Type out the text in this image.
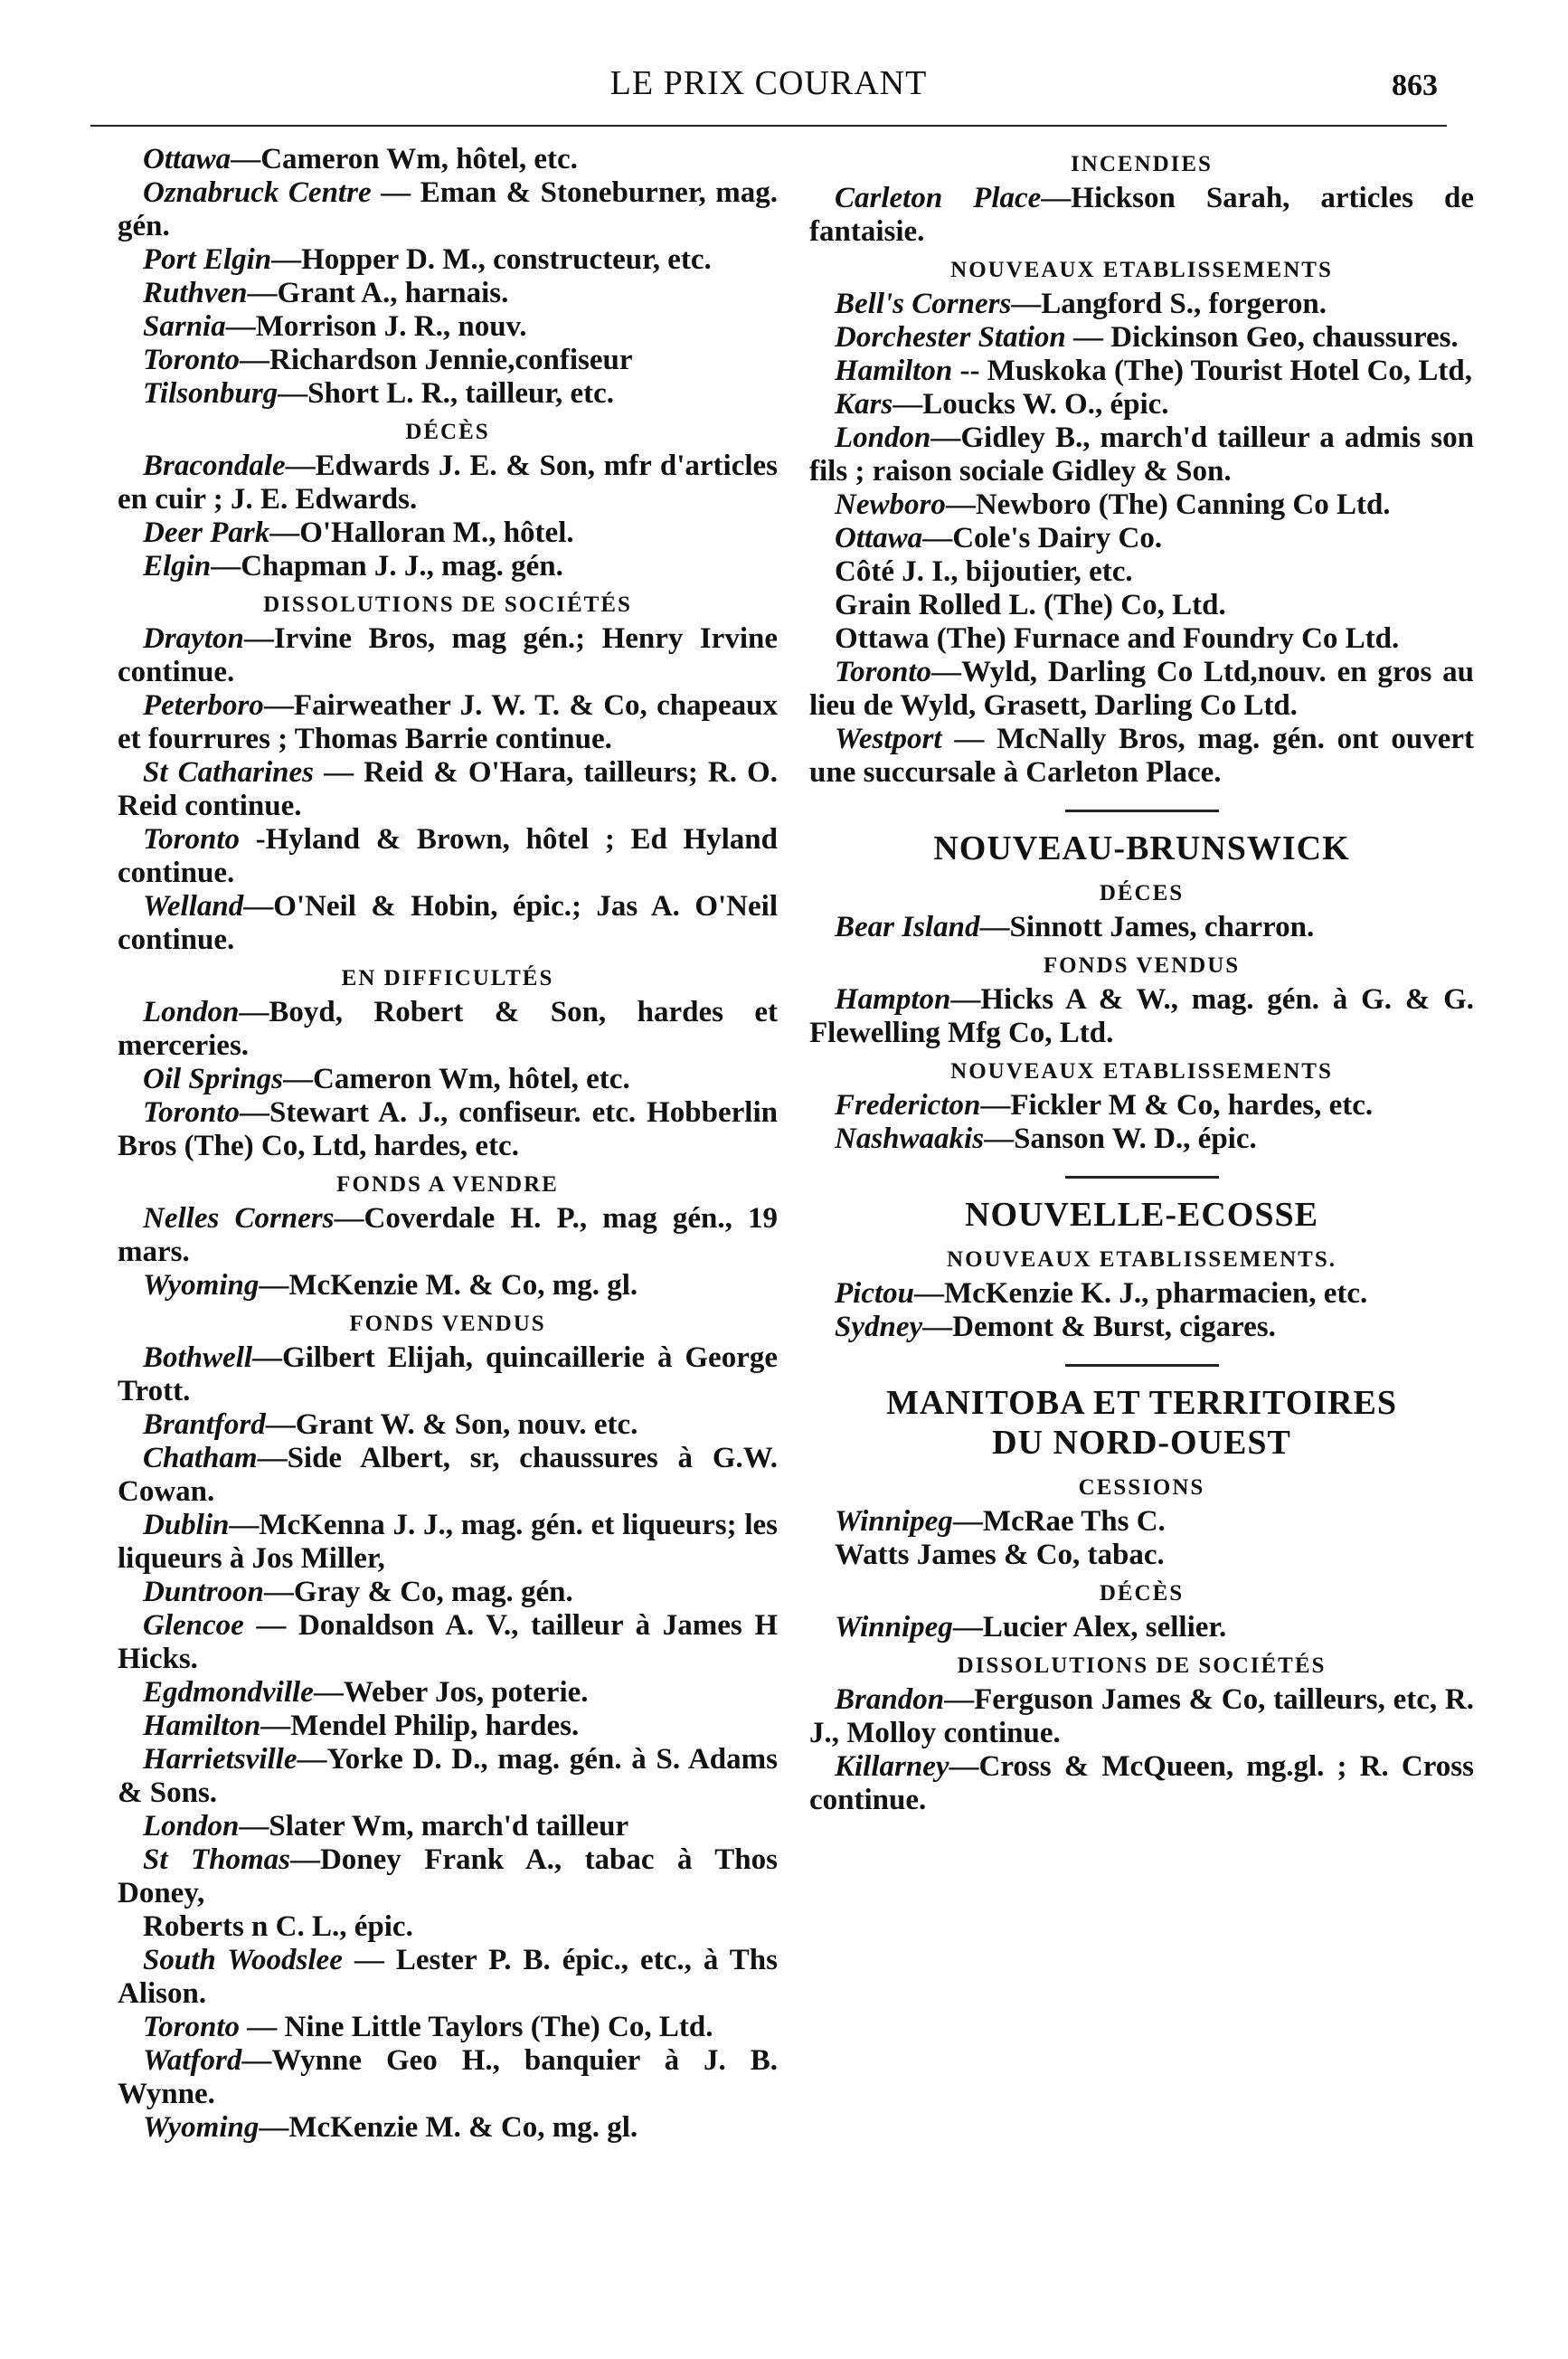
LE PRIX COURANT	863

Ottawa—Cameron Wm, hôtel, etc.

Oznabruck Centre — Eman & Stoneburner, mag. gén.

Port Elgin—Hopper D. M., constructeur, etc.

Ruthven—Grant A., harnais.

Sarnia—Morrison J. R., nouv.

Toronto—Richardson Jennie,confiseur

Tilsonburg—Short L. R., tailleur, etc.

DÉCÈS

Bracondale—Edwards J. E. & Son, mfr d'articles en cuir ; J. E. Edwards.

Deer Park—O'Halloran M., hôtel.

Elgin—Chapman J. J., mag. gén.

DISSOLUTIONS DE SOCIÉTÉS

Drayton—Irvine Bros, mag gén.; Henry Irvine continue.

Peterboro—Fairweather J. W. T. & Co, chapeaux et fourrures ; Thomas Barrie continue.

St Catharines — Reid & O'Hara, tailleurs; R. O. Reid continue.

Toronto -Hyland & Brown, hôtel ; Ed Hyland continue.

Welland—O'Neil & Hobin, épic.; Jas A. O'Neil continue.

EN DIFFICULTÉS

London—Boyd, Robert & Son, hardes et merceries.

Oil Springs—Cameron Wm, hôtel, etc.

Toronto—Stewart A. J., confiseur. etc. Hobberlin Bros (The) Co, Ltd, hardes, etc.

FONDS A VENDRE

Nelles Corners—Coverdale H. P., mag gén., 19 mars.

Wyoming—McKenzie M. & Co, mg. gl.

FONDS VENDUS

Bothwell—Gilbert Elijah, quincaillerie à George Trott.

Brantford—Grant W. & Son, nouv. etc.

Chatham—Side Albert, sr, chaussures à G.W. Cowan.

Dublin—McKenna J. J., mag. gén. et liqueurs; les liqueurs à Jos Miller,

Duntroon—Gray & Co, mag. gén.

Glencoe — Donaldson A. V., tailleur à James H Hicks.

Egdmondville—Weber Jos, poterie.

Hamilton—Mendel Philip, hardes.

Harrietsville—Yorke D. D., mag. gén. à S. Adams & Sons.

London—Slater Wm, march'd tailleur

St Thomas—Doney Frank A., tabac à Thos Doney,

Roberts n C. L., épic.

South Woodslee — Lester P. B. épic., etc., à Ths Alison.

Toronto — Nine Little Taylors (The) Co, Ltd.

Watford—Wynne Geo H., banquier à J. B. Wynne.

Wyoming—McKenzie M. & Co, mg. gl.

INCENDIES

Carleton Place—Hickson Sarah, articles de fantaisie.

NOUVEAUX ETABLISSEMENTS

Bell's Corners—Langford S., forgeron.

Dorchester Station — Dickinson Geo, chaussures.

Hamilton -- Muskoka (The) Tourist Hotel Co, Ltd,

Kars—Loucks W. O., épic.

London—Gidley B., march'd tailleur a admis son fils ; raison sociale Gidley & Son.

Newboro—Newboro (The) Canning Co Ltd.

Ottawa—Cole's Dairy Co.

Côté J. I., bijoutier, etc.

Grain Rolled L. (The) Co, Ltd.

Ottawa (The) Furnace and Foundry Co Ltd.

Toronto—Wyld, Darling Co Ltd,nouv. en gros au lieu de Wyld, Grasett, Darling Co Ltd.

Westport — McNally Bros, mag. gén. ont ouvert une succursale à Carleton Place.

NOUVEAU-BRUNSWICK
DÉCES

Bear Island—Sinnott James, charron.

FONDS VENDUS

Hampton—Hicks A & W., mag. gén. à G. & G. Flewelling Mfg Co, Ltd.

NOUVEAUX ETABLISSEMENTS

Fredericton—Fickler M & Co, hardes, etc.

Nashwaakis—Sanson W. D., épic.

NOUVELLE-ECOSSE
NOUVEAUX ETABLISSEMENTS.

Pictou—McKenzie K. J., pharmacien, etc.

Sydney—Demont & Burst, cigares.

MANITOBA ET TERRITOIRES
DU NORD-OUEST
CESSIONS

Winnipeg—McRae Ths C.

Watts James & Co, tabac.

DÉCÈS

Winnipeg—Lucier Alex, sellier.

DISSOLUTIONS DE SOCIÉTÉS

Brandon—Ferguson James & Co, tailleurs, etc, R. J., Molloy continue.

Killarney—Cross & McQueen, mg.gl. ; R. Cross continue.
